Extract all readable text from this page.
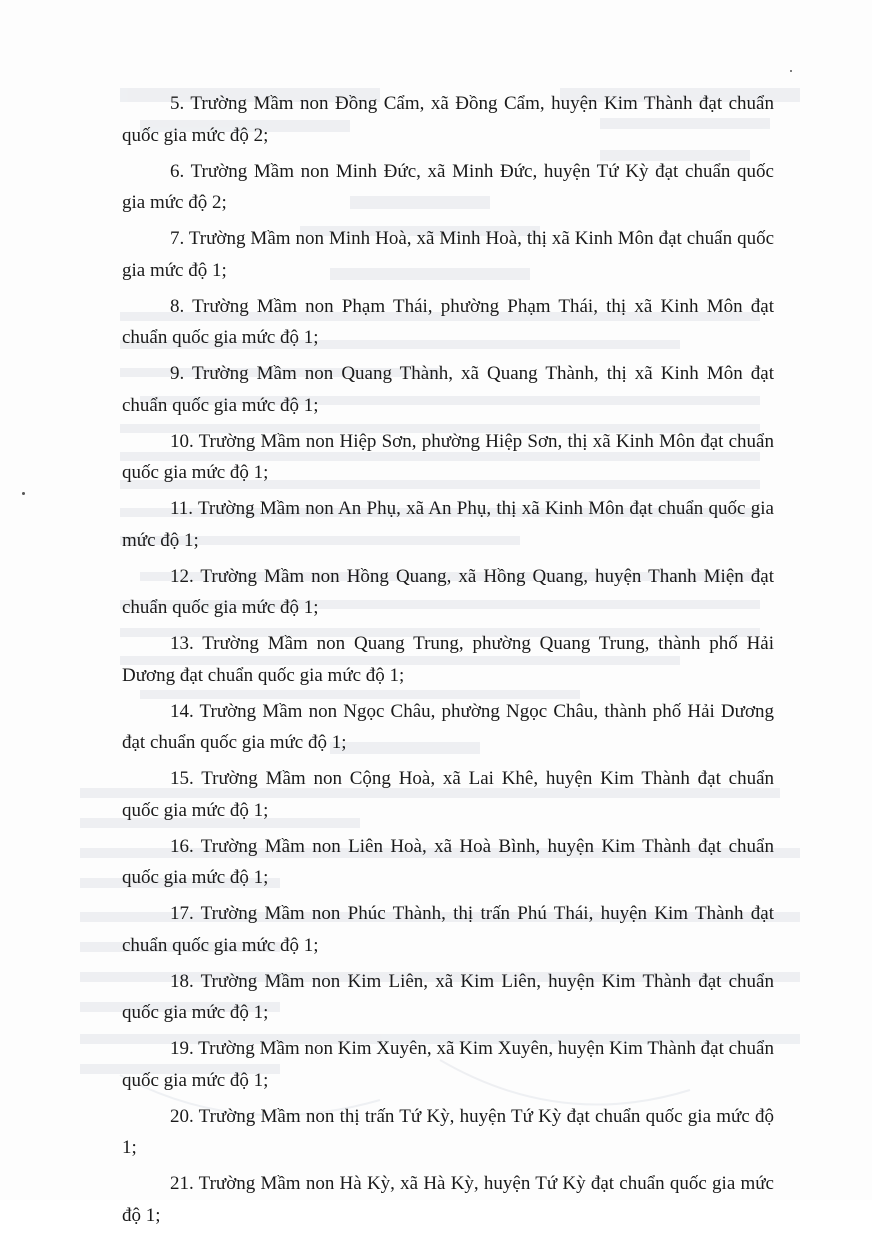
5. Trường Mầm non Đồng Cẩm, xã Đồng Cẩm, huyện Kim Thành đạt chuẩn quốc gia mức độ 2;

6. Trường Mầm non Minh Đức, xã Minh Đức, huyện Tứ Kỳ đạt chuẩn quốc gia mức độ 2;

7. Trường Mầm non Minh Hoà, xã Minh Hoà, thị xã Kinh Môn đạt chuẩn quốc gia mức độ 1;

8. Trường Mầm non Phạm Thái, phường Phạm Thái, thị xã Kinh Môn đạt chuẩn quốc gia mức độ 1;

9. Trường Mầm non Quang Thành, xã Quang Thành, thị xã Kinh Môn đạt chuẩn quốc gia mức độ 1;

10. Trường Mầm non Hiệp Sơn, phường Hiệp Sơn, thị xã Kinh Môn đạt chuẩn quốc gia mức độ 1;

11. Trường Mầm non An Phụ, xã An Phụ, thị xã Kinh Môn đạt chuẩn quốc gia mức độ 1;

12. Trường Mầm non Hồng Quang, xã Hồng Quang, huyện Thanh Miện đạt chuẩn quốc gia mức độ 1;

13. Trường Mầm non Quang Trung, phường Quang Trung, thành phố Hải Dương đạt chuẩn quốc gia mức độ 1;

14. Trường Mầm non Ngọc Châu, phường Ngọc Châu, thành phố Hải Dương đạt chuẩn quốc gia mức độ 1;

15. Trường Mầm non Cộng Hoà, xã Lai Khê, huyện Kim Thành đạt chuẩn quốc gia mức độ 1;

16. Trường Mầm non Liên Hoà, xã Hoà Bình, huyện Kim Thành đạt chuẩn quốc gia mức độ 1;

17. Trường Mầm non Phúc Thành, thị trấn Phú Thái, huyện Kim Thành đạt chuẩn quốc gia mức độ 1;

18. Trường Mầm non Kim Liên, xã Kim Liên, huyện Kim Thành đạt chuẩn quốc gia mức độ 1;

19. Trường Mầm non Kim Xuyên, xã Kim Xuyên, huyện Kim Thành đạt chuẩn quốc gia mức độ 1;

20. Trường Mầm non thị trấn Tứ Kỳ, huyện Tứ Kỳ đạt chuẩn quốc gia mức độ 1;

21. Trường Mầm non Hà Kỳ, xã Hà Kỳ, huyện Tứ Kỳ đạt chuẩn quốc gia mức độ 1;
